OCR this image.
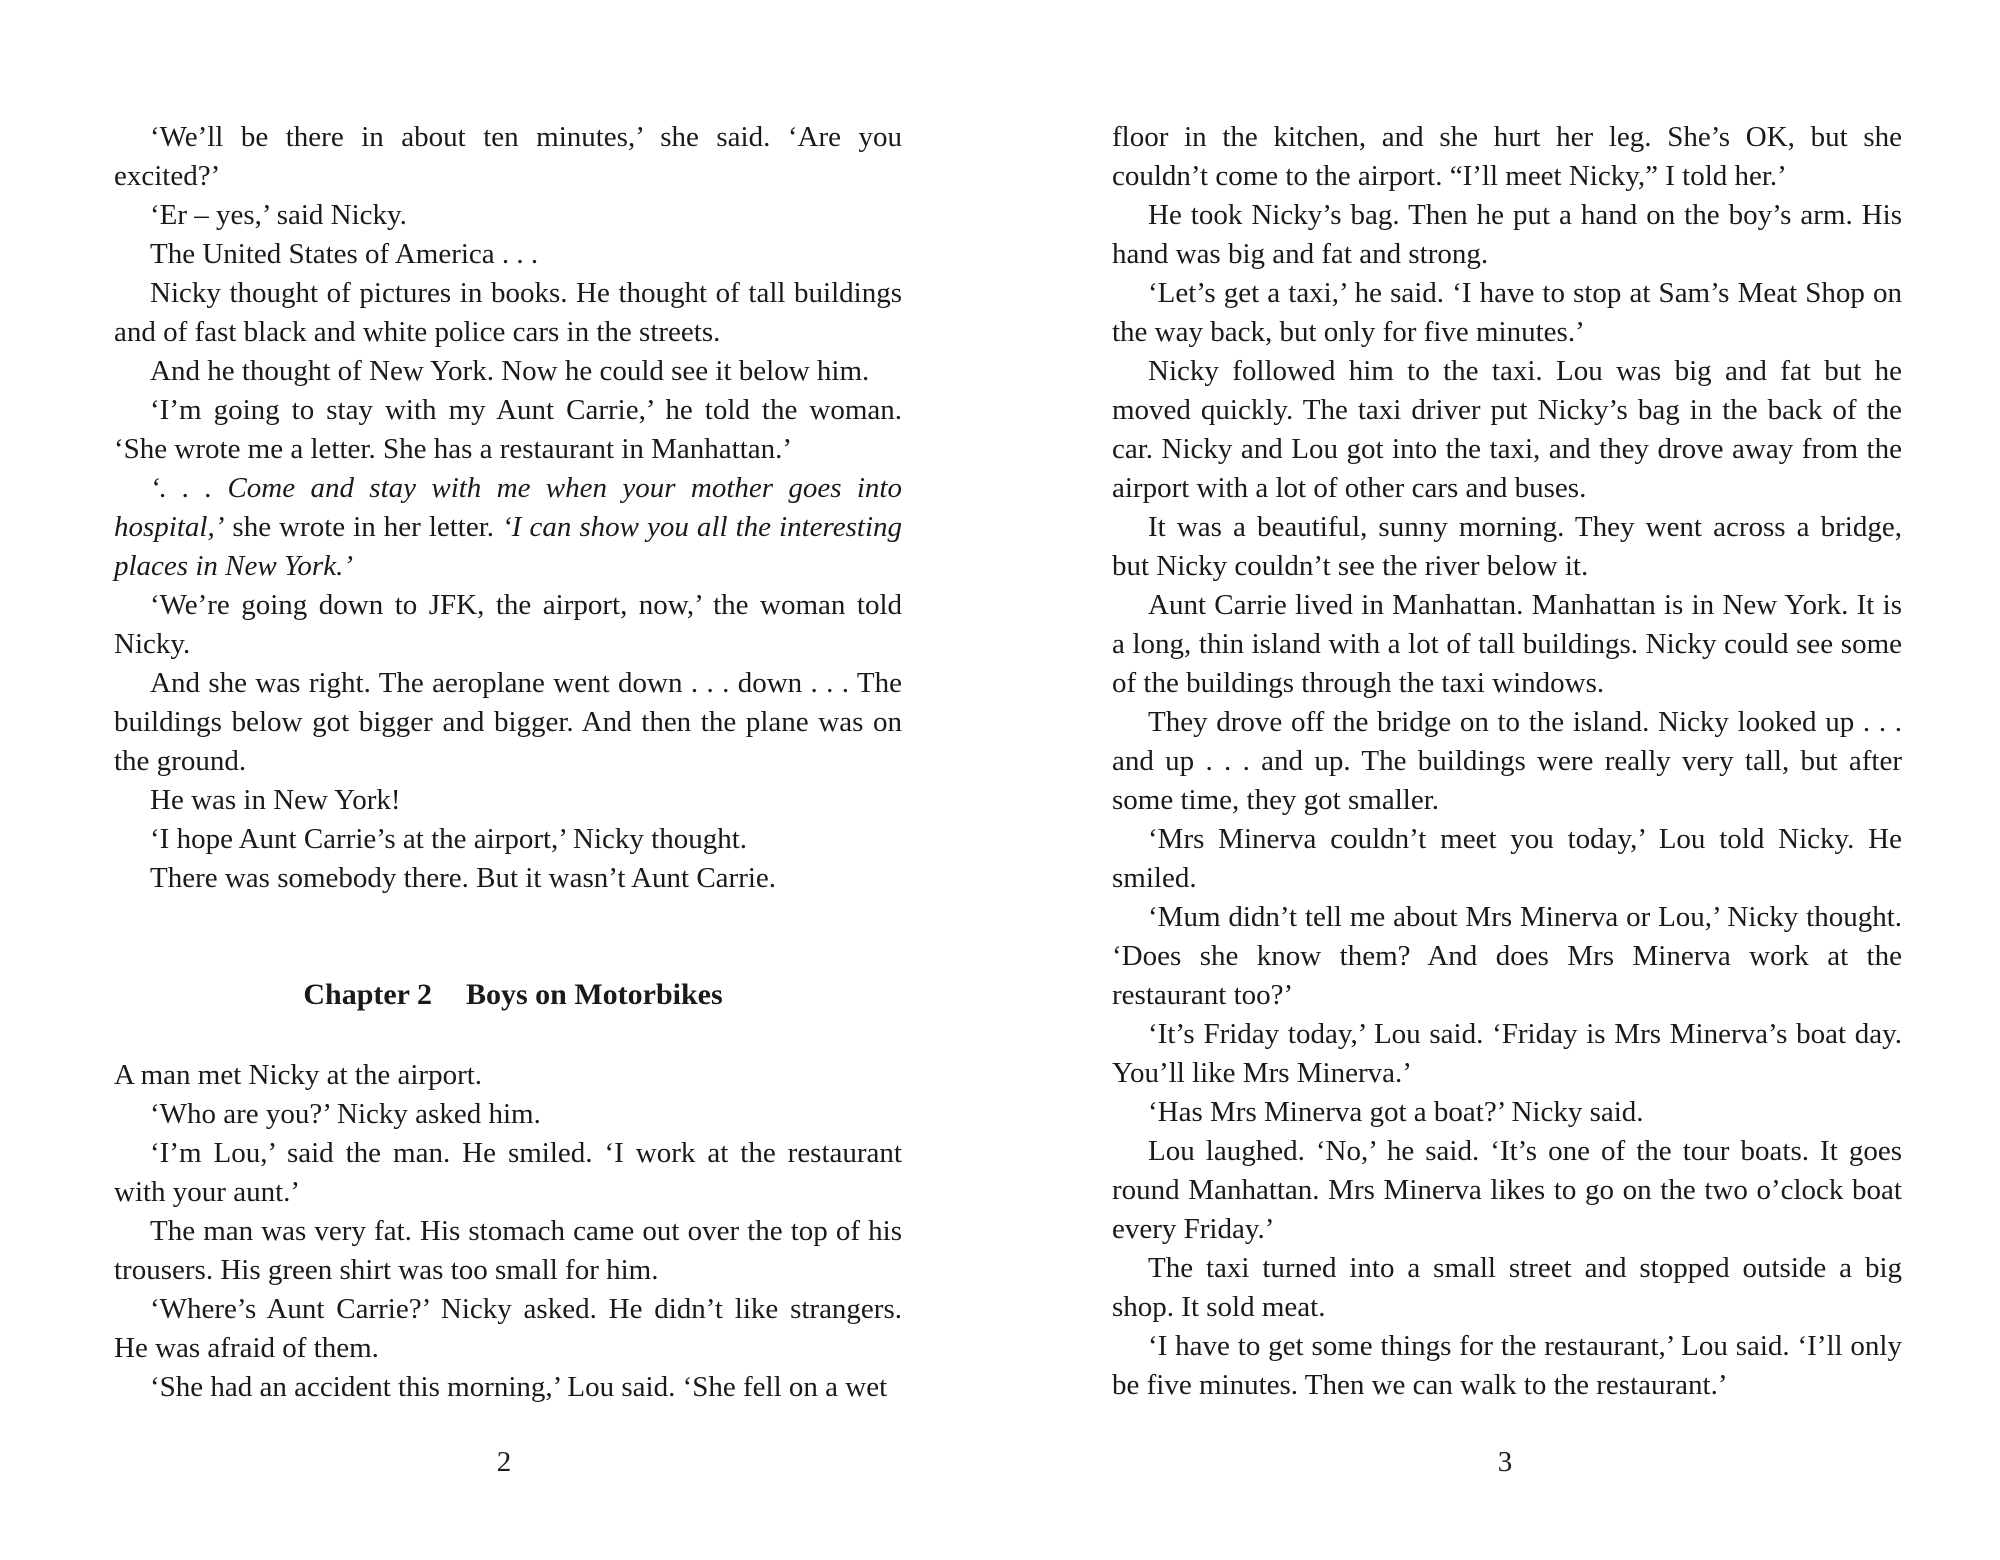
‘We’ll be there in about ten minutes,’ she said. ‘Are you excited?’

‘Er – yes,’ said Nicky.

The United States of America . . .

Nicky thought of pictures in books. He thought of tall buildings and of fast black and white police cars in the streets.

And he thought of New York. Now he could see it below him.

‘I’m going to stay with my Aunt Carrie,’ he told the woman. ‘She wrote me a letter. She has a restaurant in Manhattan.’

‘. . . Come and stay with me when your mother goes into hospital,’ she wrote in her letter. ‘I can show you all the interesting places in New York.’

‘We’re going down to JFK, the airport, now,’ the woman told Nicky.

And she was right. The aeroplane went down . . . down . . . The buildings below got bigger and bigger. And then the plane was on the ground.

He was in New York!

‘I hope Aunt Carrie’s at the airport,’ Nicky thought.

There was somebody there. But it wasn’t Aunt Carrie.

Chapter 2 Boys on Motorbikes

A man met Nicky at the airport.

‘Who are you?’ Nicky asked him.

‘I’m Lou,’ said the man. He smiled. ‘I work at the restaurant with your aunt.’

The man was very fat. His stomach came out over the top of his trousers. His green shirt was too small for him.

‘Where’s Aunt Carrie?’ Nicky asked. He didn’t like strangers. He was afraid of them.

‘She had an accident this morning,’ Lou said. ‘She fell on a wet

2

floor in the kitchen, and she hurt her leg. She’s OK, but she couldn’t come to the airport. “I’ll meet Nicky,” I told her.’

He took Nicky’s bag. Then he put a hand on the boy’s arm. His hand was big and fat and strong.

‘Let’s get a taxi,’ he said. ‘I have to stop at Sam’s Meat Shop on the way back, but only for five minutes.’

Nicky followed him to the taxi. Lou was big and fat but he moved quickly. The taxi driver put Nicky’s bag in the back of the car. Nicky and Lou got into the taxi, and they drove away from the airport with a lot of other cars and buses.

It was a beautiful, sunny morning. They went across a bridge, but Nicky couldn’t see the river below it.

Aunt Carrie lived in Manhattan. Manhattan is in New York. It is a long, thin island with a lot of tall buildings. Nicky could see some of the buildings through the taxi windows.

They drove off the bridge on to the island. Nicky looked up . . . and up . . . and up. The buildings were really very tall, but after some time, they got smaller.

‘Mrs Minerva couldn’t meet you today,’ Lou told Nicky. He smiled.

‘Mum didn’t tell me about Mrs Minerva or Lou,’ Nicky thought. ‘Does she know them? And does Mrs Minerva work at the restaurant too?’

‘It’s Friday today,’ Lou said. ‘Friday is Mrs Minerva’s boat day. You’ll like Mrs Minerva.’

‘Has Mrs Minerva got a boat?’ Nicky said.

Lou laughed. ‘No,’ he said. ‘It’s one of the tour boats. It goes round Manhattan. Mrs Minerva likes to go on the two o’clock boat every Friday.’

The taxi turned into a small street and stopped outside a big shop. It sold meat.

‘I have to get some things for the restaurant,’ Lou said. ‘I’ll only be five minutes. Then we can walk to the restaurant.’

3
